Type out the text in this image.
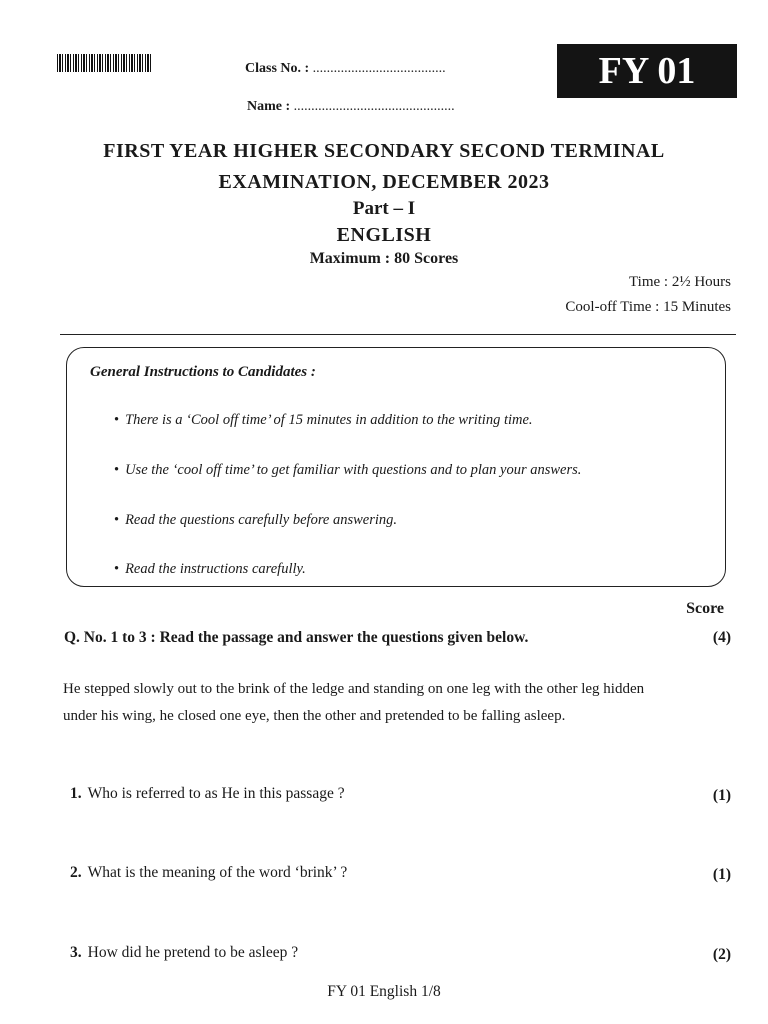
Class No. : ......................................
Name : ..............................................
FY 01
FIRST YEAR HIGHER SECONDARY SECOND TERMINAL
EXAMINATION, DECEMBER 2023
Part – I
ENGLISH
Maximum : 80 Scores
Time : 2½ Hours
Cool-off Time : 15 Minutes
General Instructions to Candidates :
• There is a ‘Cool off time’ of 15 minutes in addition to the writing time.
• Use the ‘cool off time’ to get familiar with questions and to plan your answers.
• Read the questions carefully before answering.
• Read the instructions carefully.
Score
Q. No. 1 to 3 : Read the passage and answer the questions given below.	(4)
He stepped slowly out to the brink of the ledge and standing on one leg with the other leg hidden
under his wing, he closed one eye, then the other and pretended to be falling asleep.
1. Who is referred to as He in this passage ?	(1)
2. What is the meaning of the word ‘brink’ ?	(1)
3. How did he pretend to be asleep ?	(2)
FY 01 English 1/8
